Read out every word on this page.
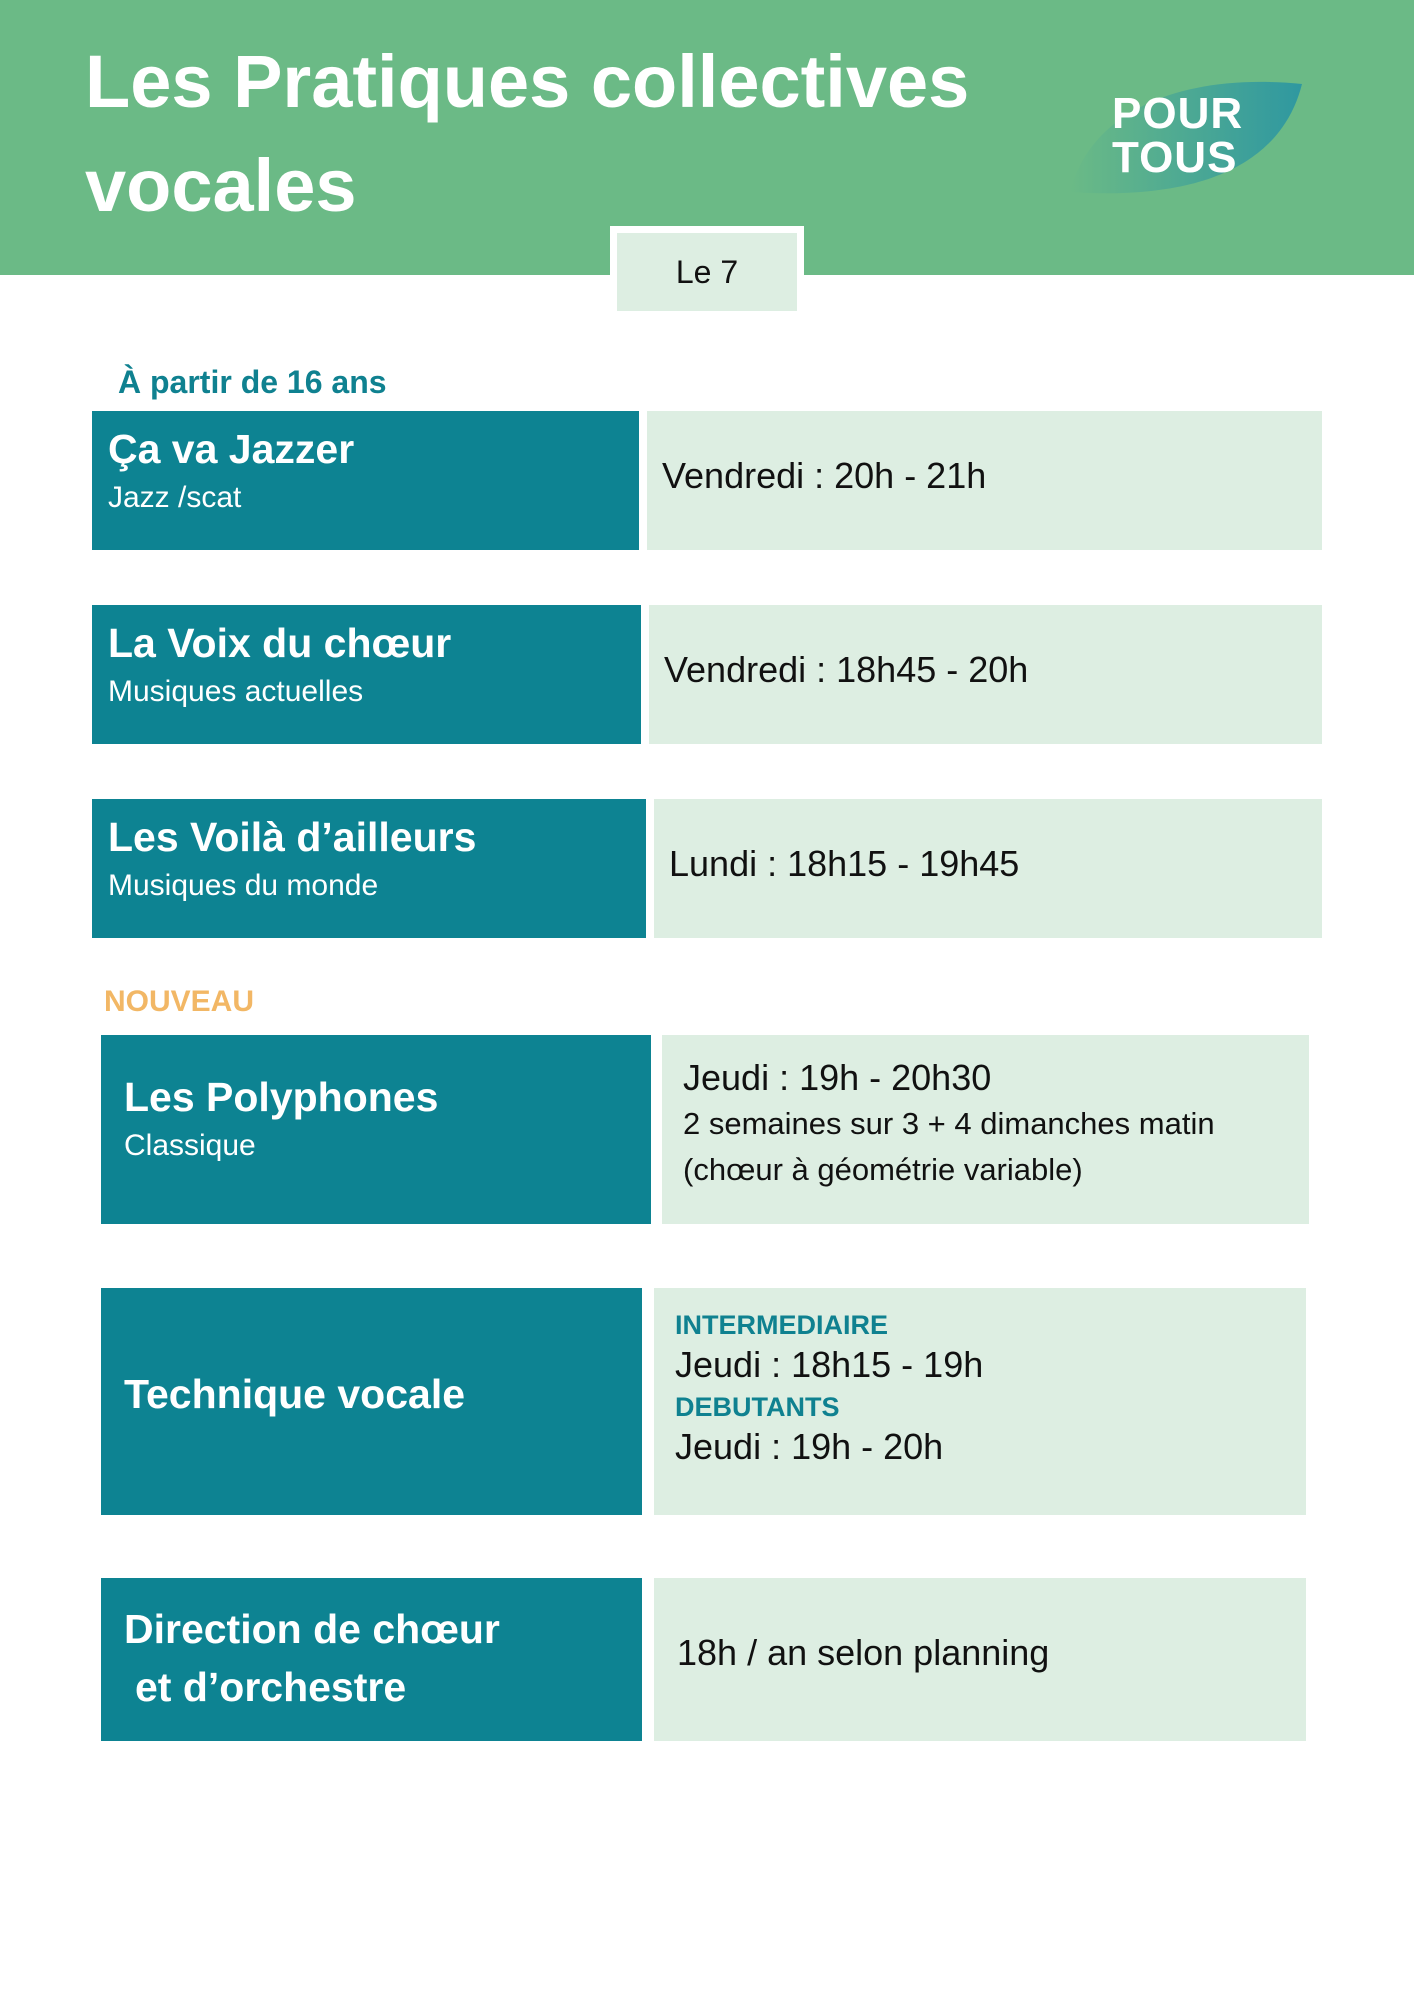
Les Pratiques collectives
vocales
POUR
TOUS
Le 7
À partir de 16 ans
Ça va Jazzer
Jazz /scat
Vendredi : 20h - 21h
La Voix du chœur
Musiques actuelles
Vendredi : 18h45 - 20h
Les Voilà d’ailleurs
Musiques du monde
Lundi : 18h15 - 19h45
NOUVEAU
Les Polyphones
Classique
Jeudi : 19h - 20h30
2 semaines sur 3 + 4 dimanches matin
(chœur à géométrie variable)
Technique vocale
INTERMEDIAIRE
Jeudi : 18h15 - 19h
DEBUTANTS
Jeudi : 19h - 20h
Direction de chœur
et d’orchestre
18h / an selon planning
